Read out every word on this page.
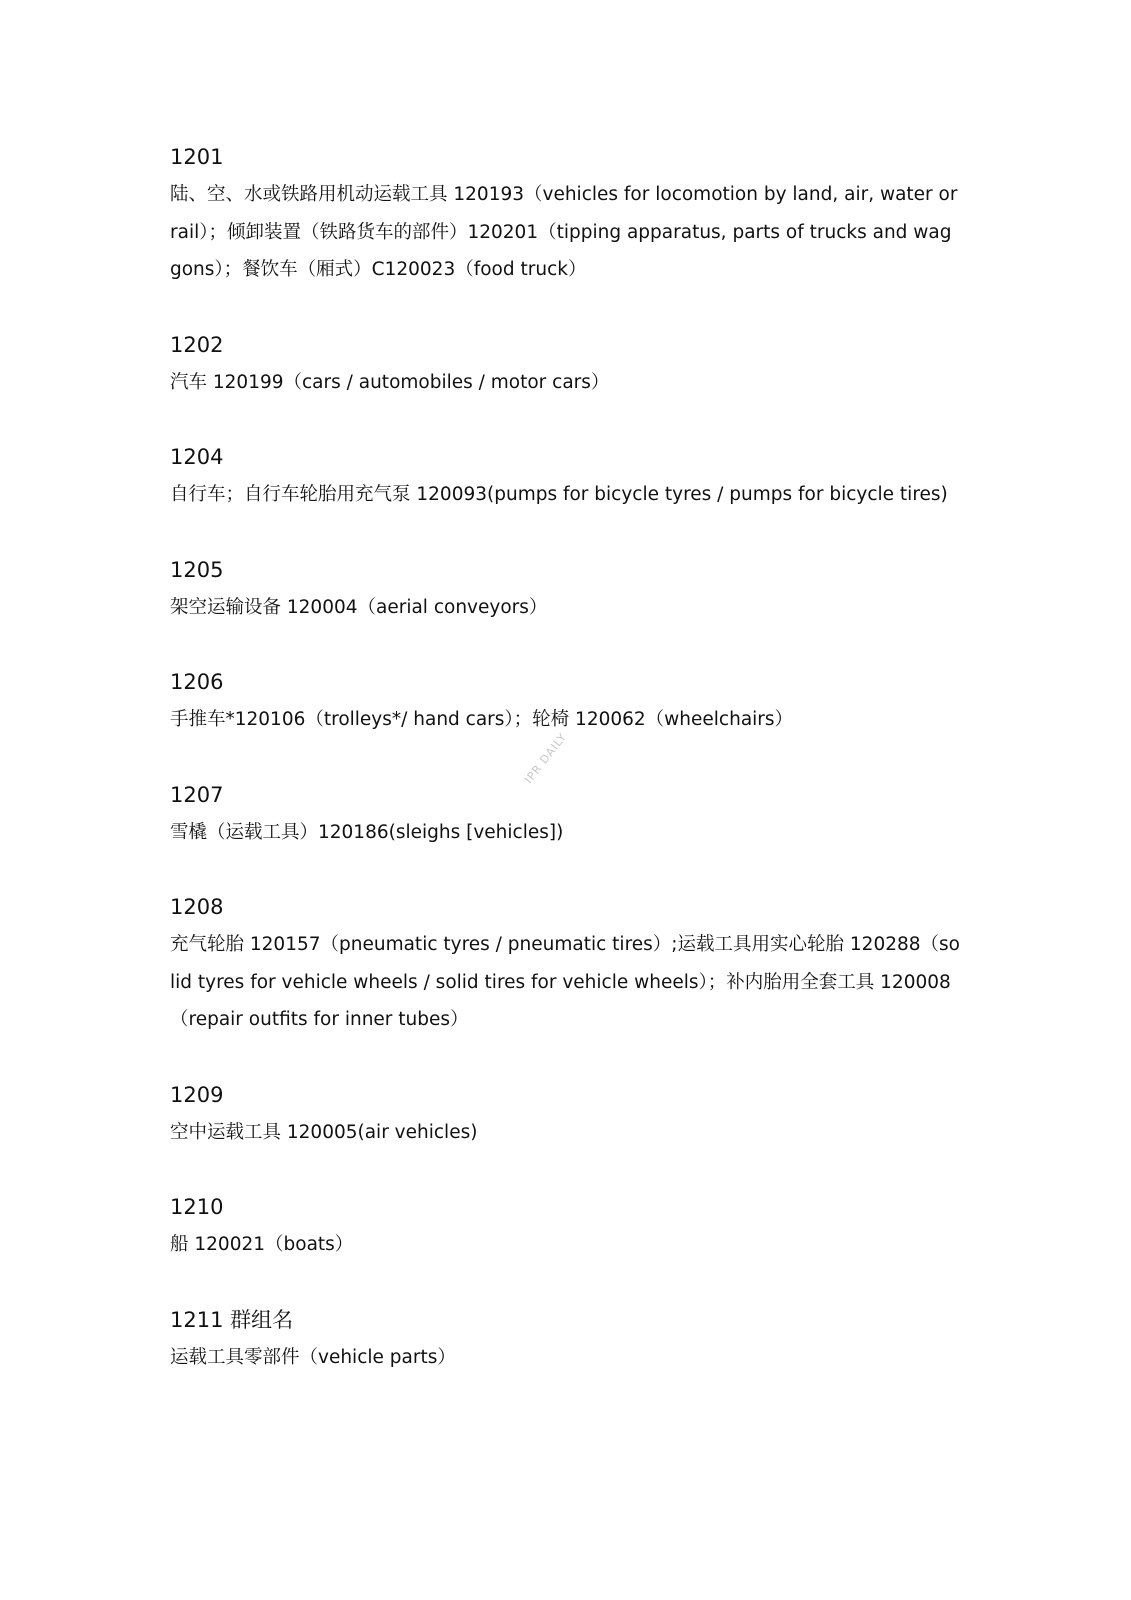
1201

陆、空、水或铁路用机动运载工具 120193（vehicles for locomotion by land, air, water or rail）；倾卸装置（铁路货车的部件）120201（tipping apparatus, parts of trucks and waggons）；餐饮车（厢式）C120023（food truck）

1202

汽车 120199（cars / automobiles / motor cars）

1204

自行车；自行车轮胎用充气泵 120093(pumps for bicycle tyres / pumps for bicycle tires)

1205

架空运输设备 120004（aerial conveyors）

1206

手推车*120106（trolleys*/ hand cars）；轮椅 120062（wheelchairs）

1207

雪橇（运载工具）120186(sleighs [vehicles])

1208

充气轮胎 120157（pneumatic tyres / pneumatic tires）;运载工具用实心轮胎 120288（solid tyres for vehicle wheels / solid tires for vehicle wheels）；补内胎用全套工具 120008（repair outfits for inner tubes）

1209

空中运载工具 120005(air vehicles)

1210

船 120021（boats）

1211 群组名

运载工具零部件（vehicle parts）

IPR DAILY
